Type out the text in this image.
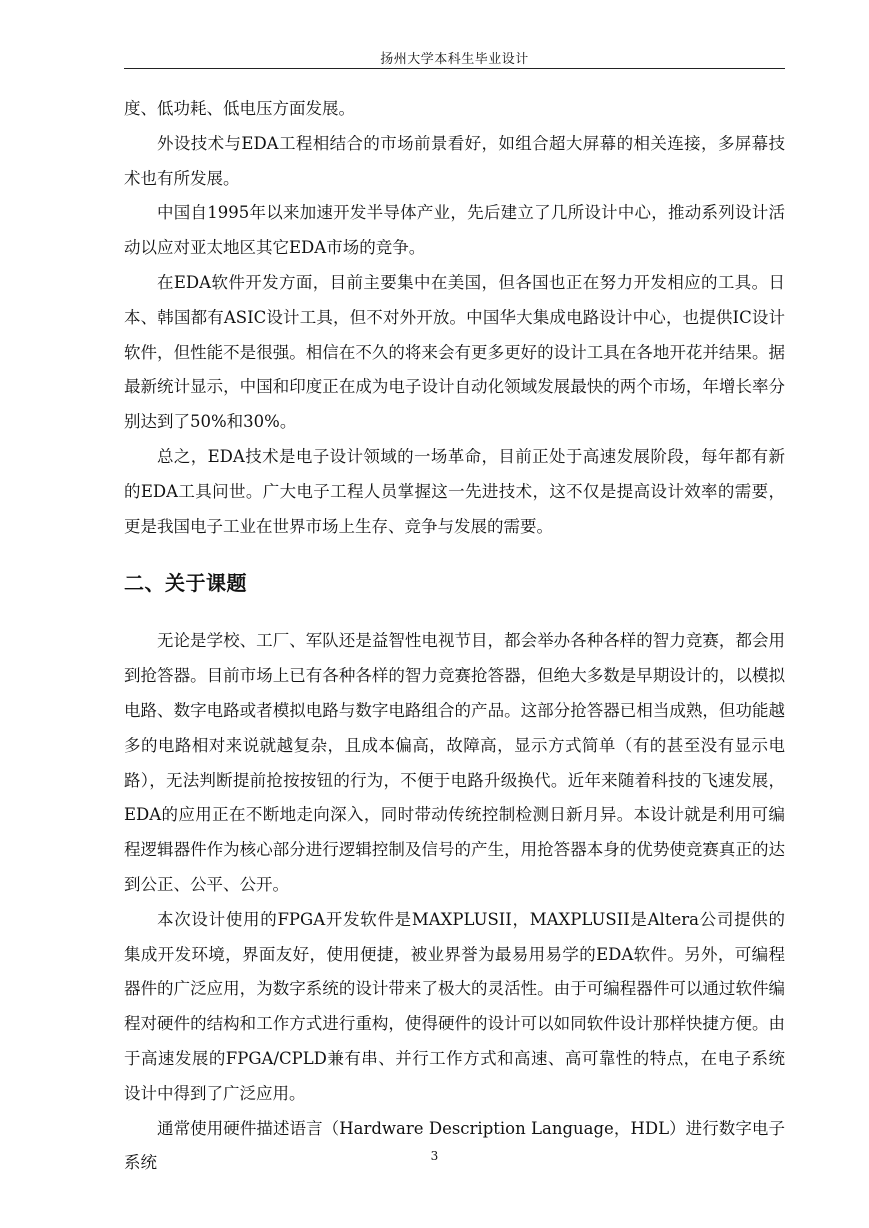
扬州大学本科生毕业设计

度、低功耗、低电压方面发展。

外设技术与EDA工程相结合的市场前景看好，如组合超大屏幕的相关连接，多屏幕技术也有所发展。

中国自1995年以来加速开发半导体产业，先后建立了几所设计中心，推动系列设计活动以应对亚太地区其它EDA市场的竞争。

在EDA软件开发方面，目前主要集中在美国，但各国也正在努力开发相应的工具。日本、韩国都有ASIC设计工具，但不对外开放。中国华大集成电路设计中心，也提供IC设计软件，但性能不是很强。相信在不久的将来会有更多更好的设计工具在各地开花并结果。据最新统计显示，中国和印度正在成为电子设计自动化领域发展最快的两个市场，年增长率分别达到了50%和30%。

总之，EDA技术是电子设计领域的一场革命，目前正处于高速发展阶段，每年都有新的EDA工具问世。广大电子工程人员掌握这一先进技术，这不仅是提高设计效率的需要，更是我国电子工业在世界市场上生存、竞争与发展的需要。

二、关于课题

无论是学校、工厂、军队还是益智性电视节目，都会举办各种各样的智力竞赛，都会用到抢答器。目前市场上已有各种各样的智力竞赛抢答器，但绝大多数是早期设计的，以模拟电路、数字电路或者模拟电路与数字电路组合的产品。这部分抢答器已相当成熟，但功能越多的电路相对来说就越复杂，且成本偏高，故障高，显示方式简单（有的甚至没有显示电路），无法判断提前抢按按钮的行为，不便于电路升级换代。近年来随着科技的飞速发展，EDA的应用正在不断地走向深入，同时带动传统控制检测日新月异。本设计就是利用可编程逻辑器件作为核心部分进行逻辑控制及信号的产生，用抢答器本身的优势使竞赛真正的达到公正、公平、公开。

本次设计使用的FPGA开发软件是MAXPLUSII，MAXPLUSII是Altera公司提供的集成开发环境，界面友好，使用便捷，被业界誉为最易用易学的EDA软件。另外，可编程器件的广泛应用，为数字系统的设计带来了极大的灵活性。由于可编程器件可以通过软件编程对硬件的结构和工作方式进行重构，使得硬件的设计可以如同软件设计那样快捷方便。由于高速发展的FPGA/CPLD兼有串、并行工作方式和高速、高可靠性的特点，在电子系统设计中得到了广泛应用。

通常使用硬件描述语言（Hardware Description Language，HDL）进行数字电子系统	3
